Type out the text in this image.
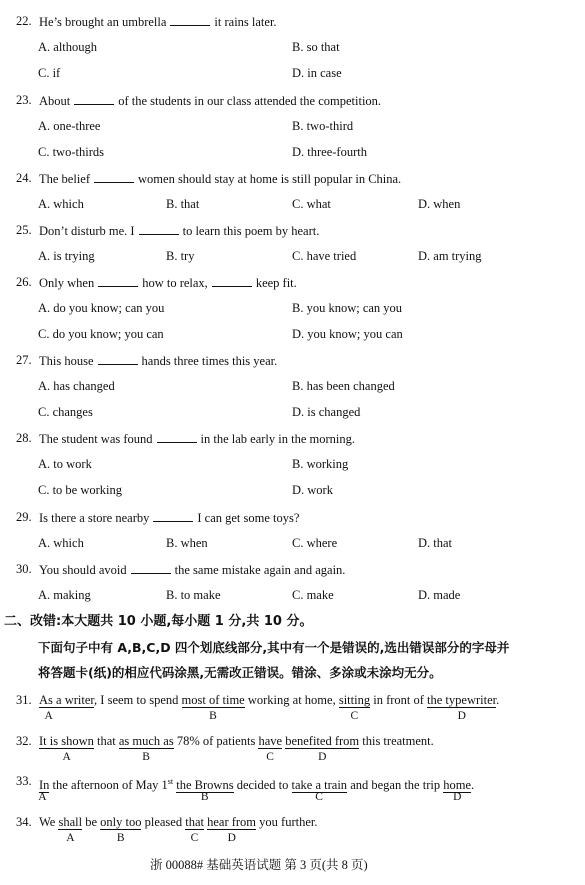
22. He’s brought an umbrella	it rains later.
A. although	B. so that
C. if	D. in case
23. About	of the students in our class attended the competition.
A. one-three	B. two-third
C. two-thirds	D. three-fourth
24. The belief	women should stay at home is still popular in China.
A. which	B. that	C. what	D. when
25. Don’t disturb me. I	to learn this poem by heart.
A. is trying	B. try	C. have tried	D. am trying
26. Only when	how to relax,	keep fit.
A. do you know; can you	B. you know; can you
C. do you know; you can	D. you know; you can
27. This house	hands three times this year.
A. has changed	B. has been changed
C. changes	D. is changed
28. The student was found	in the lab early in the morning.
A. to work	B. working
C. to be working	D. work
29. Is there a store nearby	I can get some toys?
A. which	B. when	C. where	D. that
30. You should avoid	the same mistake again and again.
A. making	B. to make	C. make	D. made
二、改错:本大题共 10 小题,每小题 1 分,共 10 分。
下面句子中有 A,B,C,D 四个划底线部分,其中有一个是错误的,选出错误部分的字母并
将答题卡(纸)的相应代码涂黑,无需改正错误。错涂、多涂或未涂均无分。
31. As a writer, I seem to spend most of time working at home, sitting in front of the typewriter.
A	B	C	D
32. It is shown that as much as 78% of patients have benefited from this treatment.
A	B	C	D
33. In the afternoon of May 1st the Browns decided to take a train and began the trip home.
A	B	C	D
34. We shall be only too pleased that hear from you further.
A	B	C	D
浙 00088# 基础英语试题 第 3 页(共 8 页)
